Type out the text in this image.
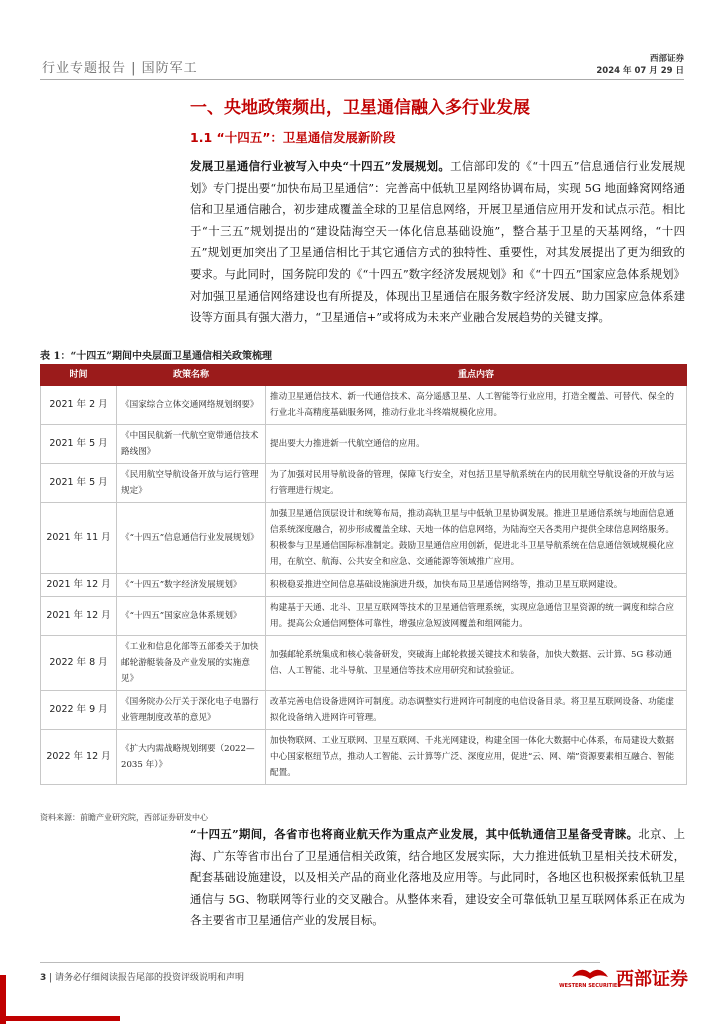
行业专题报告 | 国防军工
西部证券
2024 年 07 月 29 日
一、央地政策频出，卫星通信融入多行业发展
1.1 “十四五”：卫星通信发展新阶段
发展卫星通信行业被写入中央“十四五”发展规划。工信部印发的《“十四五”信息通信行业发展规划》专门提出要“加快布局卫星通信”：完善高中低轨卫星网络协调布局，实现 5G 地面蜂窝网络通信和卫星通信融合，初步建成覆盖全球的卫星信息网络，开展卫星通信应用开发和试点示范。相比于“十三五”规划提出的“建设陆海空天一体化信息基础设施”，整合基于卫星的天基网络，“十四五”规划更加突出了卫星通信相比于其它通信方式的独特性、重要性，对其发展提出了更为细致的要求。与此同时，国务院印发的《“十四五”数字经济发展规划》和《“十四五”国家应急体系规划》对加强卫星通信网络建设也有所提及，体现出卫星通信在服务数字经济发展、助力国家应急体系建设等方面具有强大潜力，“卫星通信+”或将成为未来产业融合发展趋势的关键支撑。
表 1：“十四五”期间中央层面卫星通信相关政策梳理
时间	政策名称	重点内容
2021 年 2 月	《国家综合立体交通网络规划纲要》	推动卫星通信技术、新一代通信技术、高分遥感卫星、人工智能等行业应用，打造全覆盖、可替代、保全的行业北斗高精度基础服务网，推动行业北斗终端规模化应用。
2021 年 5 月	《中国民航新一代航空宽带通信技术路线图》	提出要大力推进新一代航空通信的应用。
2021 年 5 月	《民用航空导航设备开放与运行管理规定》	为了加强对民用导航设备的管理，保障飞行安全，对包括卫星导航系统在内的民用航空导航设备的开放与运行管理进行规定。
2021 年 11 月	《“十四五”信息通信行业发展规划》	加强卫星通信顶层设计和统筹布局，推动高轨卫星与中低轨卫星协调发展。推进卫星通信系统与地面信息通信系统深度融合，初步形成覆盖全球、天地一体的信息网络，为陆海空天各类用户提供全球信息网络服务。积极参与卫星通信国际标准制定。鼓励卫星通信应用创新，促进北斗卫星导航系统在信息通信领域规模化应用，在航空、航海、公共安全和应急、交通能源等领域推广应用。
2021 年 12 月	《“十四五”数字经济发展规划》	积极稳妥推进空间信息基础设施演进升级，加快布局卫星通信网络等，推动卫星互联网建设。
2021 年 12 月	《“十四五”国家应急体系规划》	构建基于天通、北斗、卫星互联网等技术的卫星通信管理系统，实现应急通信卫星资源的统一调度和综合应用。提高公众通信网整体可靠性，增强应急短波网覆盖和组网能力。
2022 年 8 月	《工业和信息化部等五部委关于加快邮轮游艇装备及产业发展的实施意见》	加强邮轮系统集成和核心装备研发，突破海上邮轮救援关键技术和装备，加快大数据、云计算、5G 移动通信、人工智能、北斗导航、卫星通信等技术应用研究和试验验证。
2022 年 9 月	《国务院办公厅关于深化电子电器行业管理制度改革的意见》	改革完善电信设备进网许可制度。动态调整实行进网许可制度的电信设备目录。将卫星互联网设备、功能虚拟化设备纳入进网许可管理。
2022 年 12 月	《扩大内需战略规划纲要（2022—2035 年）》	加快物联网、工业互联网、卫星互联网、千兆光网建设，构建全国一体化大数据中心体系，布局建设大数据中心国家枢纽节点，推动人工智能、云计算等广泛、深度应用，促进“云、网、端”资源要素相互融合、智能配置。
资料来源：前瞻产业研究院，西部证券研发中心
“十四五”期间，各省市也将商业航天作为重点产业发展，其中低轨通信卫星备受青睐。北京、上海、广东等省市出台了卫星通信相关政策，结合地区发展实际，大力推进低轨卫星相关技术研发，配套基础设施建设，以及相关产品的商业化落地及应用等。与此同时，各地区也积极探索低轨卫星通信与 5G、物联网等行业的交叉融合。从整体来看，建设安全可靠低轨卫星互联网体系正在成为各主要省市卫星通信产业的发展目标。
3 | 请务必仔细阅读报告尾部的投资评级说明和声明
WESTERN SECURITIES
西部证券
